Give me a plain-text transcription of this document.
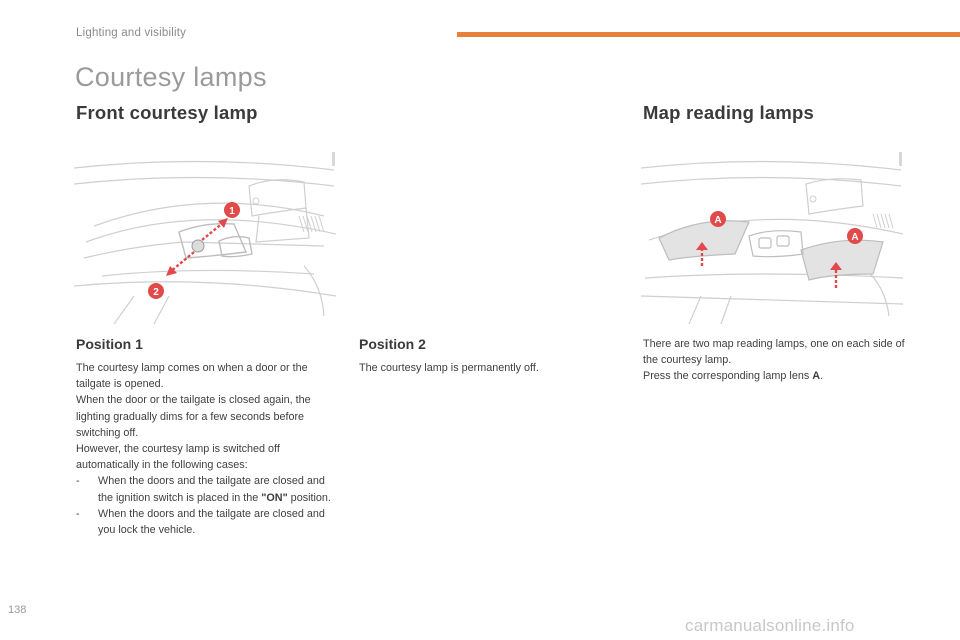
Lighting and visibility
Courtesy lamps
Front courtesy lamp	Map reading lamps
1
2
A
A
Position 1

The courtesy lamp comes on when a door or the tailgate is opened.

When the door or the tailgate is closed again, the lighting gradually dims for a few seconds before switching off.

However, the courtesy lamp is switched off automatically in the following cases:

- When the doors and the tailgate are closed and the ignition switch is placed in the "ON" position.

- When the doors and the tailgate are closed and you lock the vehicle.

Position 2

The courtesy lamp is permanently off.

There are two map reading lamps, one on each side of the courtesy lamp.

Press the corresponding lamp lens A.

138
carmanualsonline.info
